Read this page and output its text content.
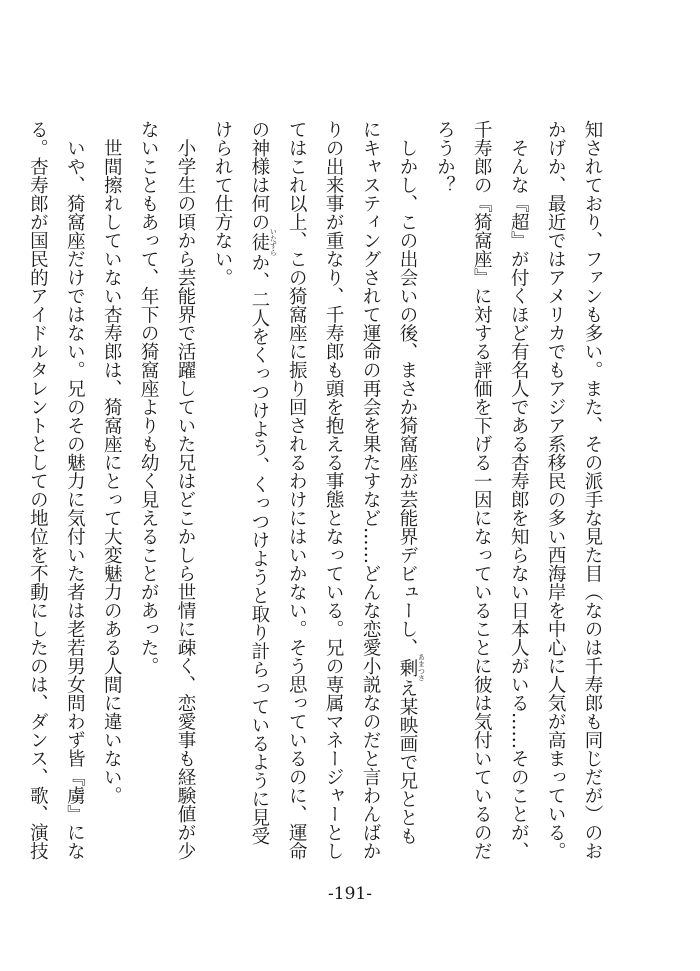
知されており、ファンも多い。また、その派手な見た目（なのは千寿郎も同じだが）のお
かげか、最近ではアメリカでもアジア系移民の多い西海岸を中心に人気が高まっている。
　そんな『超』が付くほど有名人である杏寿郎を知らない日本人がいる……そのことが、
千寿郎の『猗窩座』に対する評価を下げる一因になっていることに彼は気付いているのだ
ろうか？
　しかし、この出会いの後、まさか猗窩座が芸能界デビューし、剰 あまつさえ某映画で兄ととも
にキャスティングされて運命の再会を果たすなど……どんな恋愛小説なのだと言わんばか
りの出来事が重なり、千寿郎も頭を抱える事態となっている。兄の専属マネージャーとし
てはこれ以上、この猗窩座に振り回されるわけにはいかない。そう思っているのに、運命
の神様は何の徒 いたずらか、二人をくっつけよう、くっつけようと取り計らっているように見受
けられて仕方ない。
　小学生の頃から芸能界で活躍していた兄はどこかしら世情に疎く、恋愛事も経験値が少
ないこともあって、年下の猗窩座よりも幼く見えることがあった。
　世間擦れしていない杏寿郎は、猗窩座にとって大変魅力のある人間に違いない。
　いや、猗窩座だけではない。兄のその魅力に気付いた者は老若男女問わず皆『虜』にな
る。杏寿郎が国民的アイドルタレントとしての地位を不動にしたのは、ダンス、歌、演技
-191-
